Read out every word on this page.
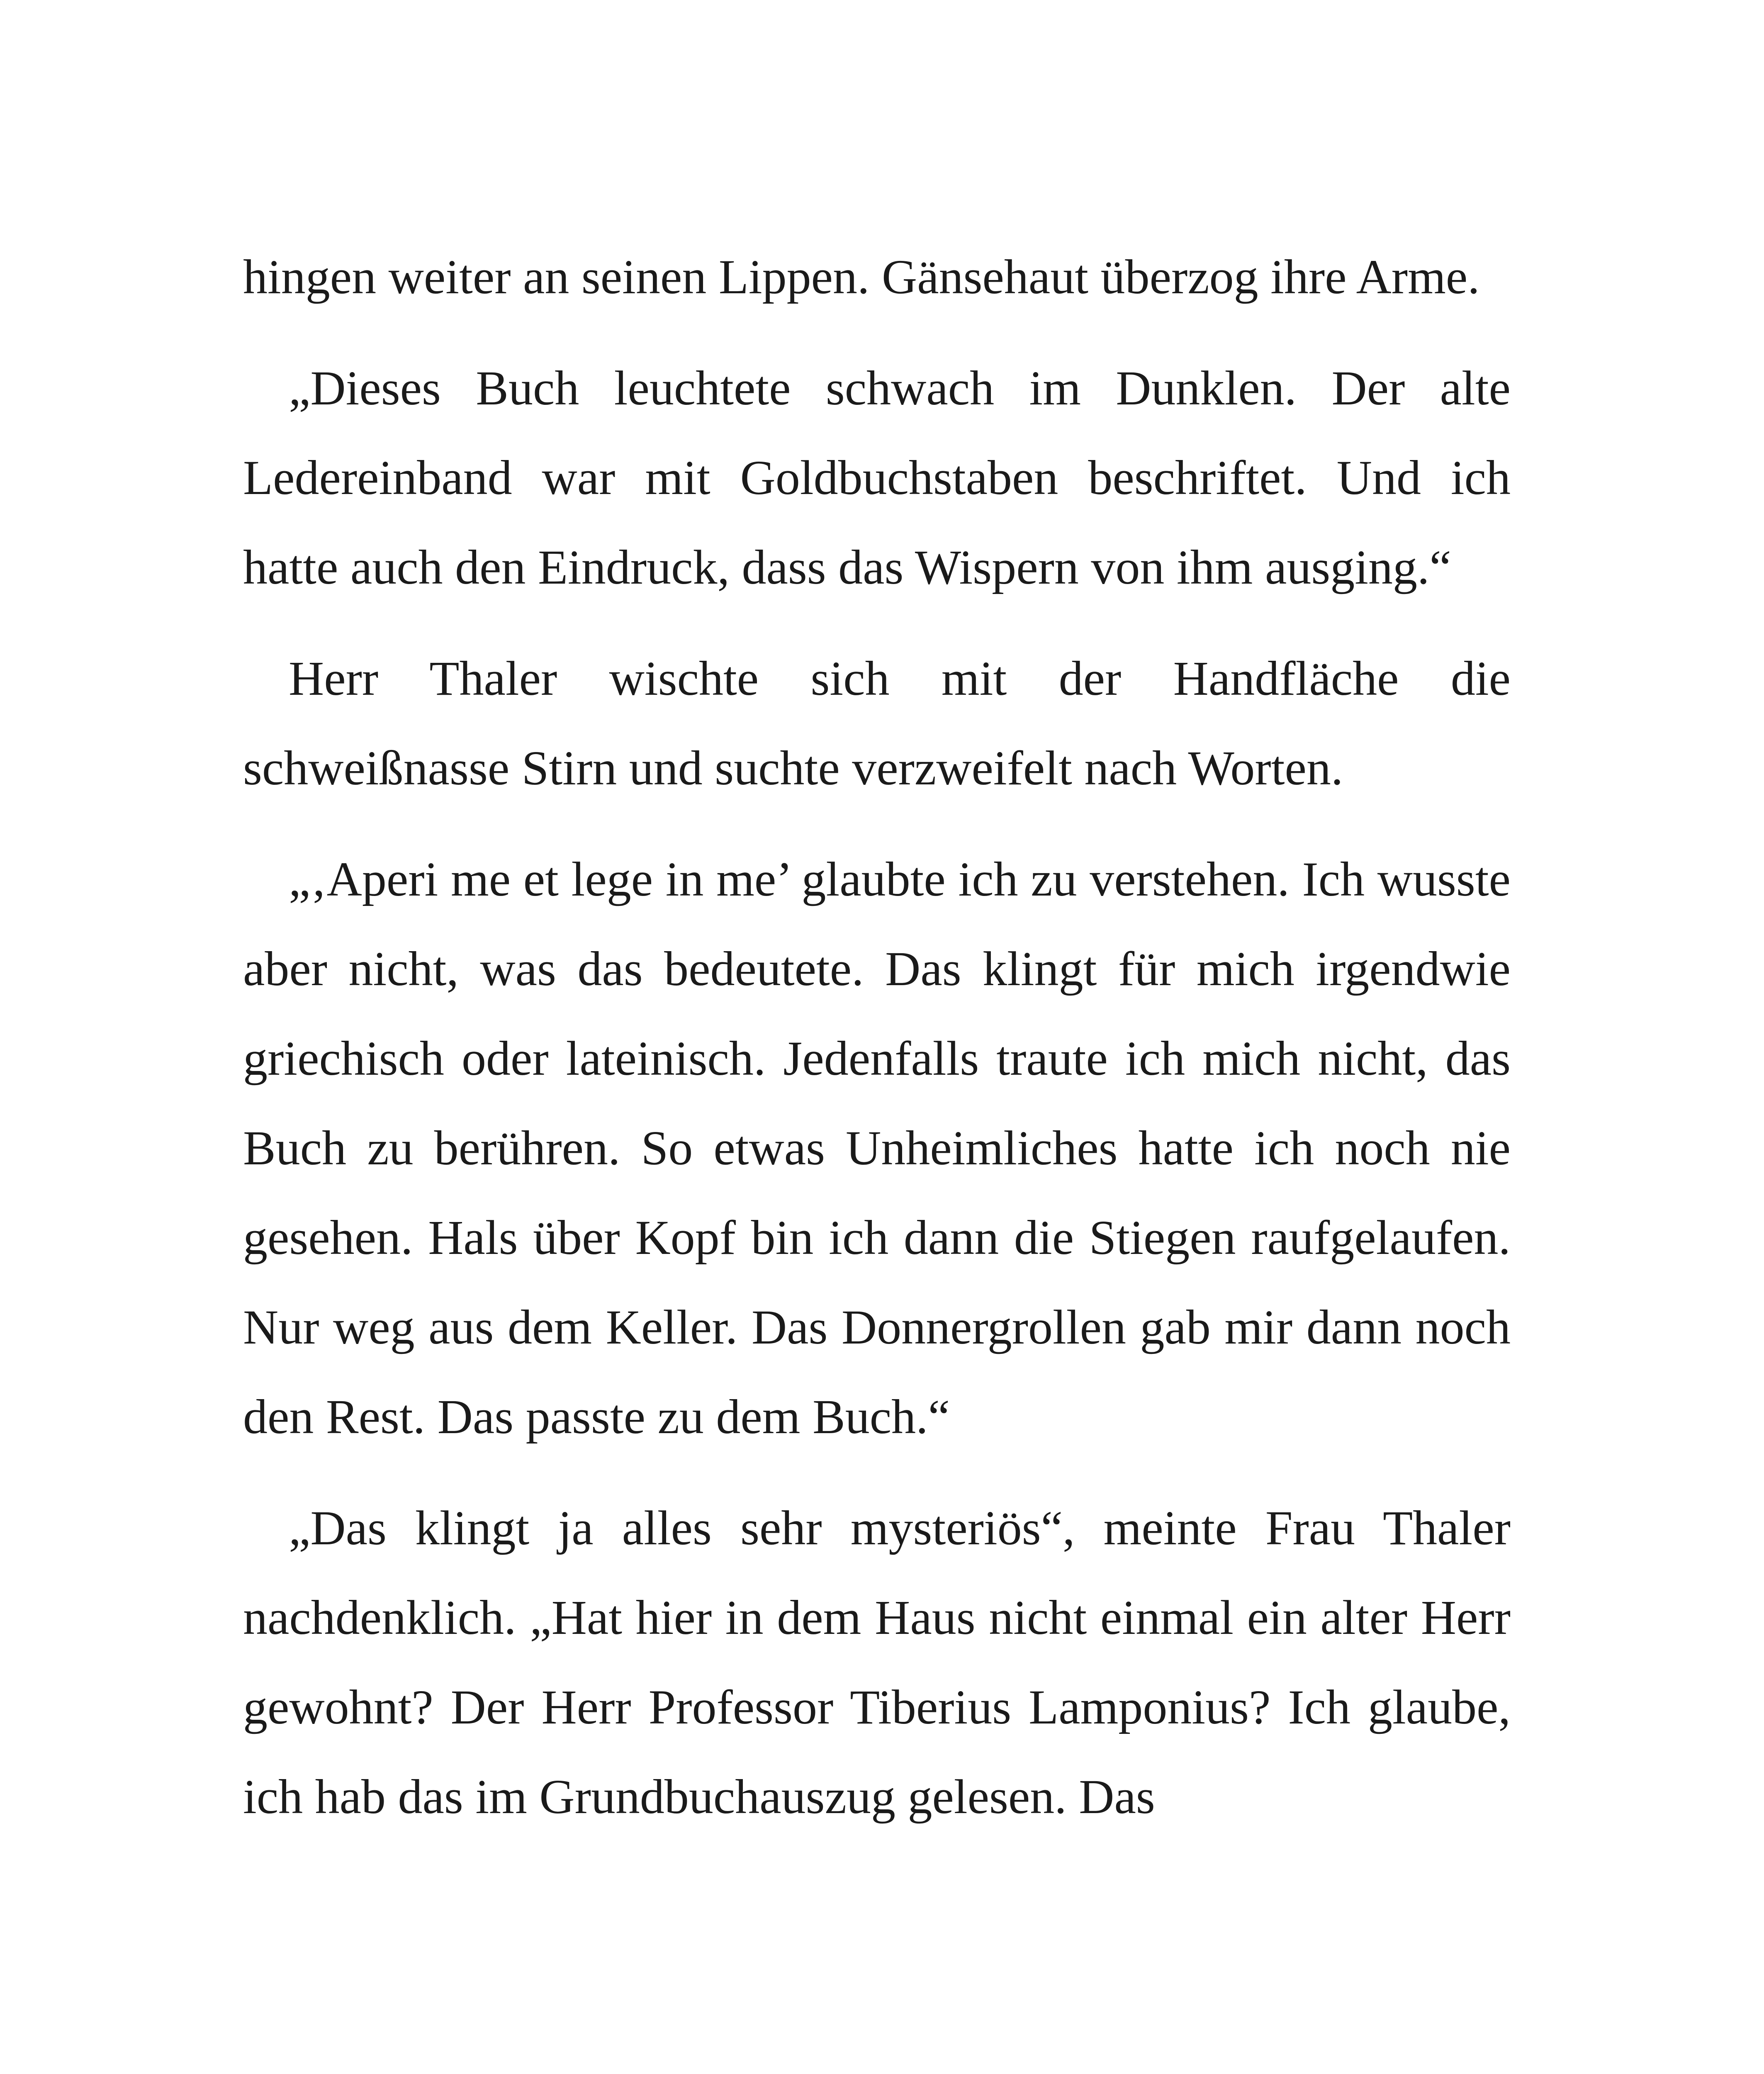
hingen weiter an seinen Lippen. Gänsehaut überzog ihre Arme.

„Dieses Buch leuchtete schwach im Dunklen. Der alte Ledereinband war mit Goldbuchstaben beschriftet. Und ich hatte auch den Eindruck, dass das Wispern von ihm ausging.“

Herr Thaler wischte sich mit der Handfläche die schweißnasse Stirn und suchte verzweifelt nach Worten.

„‚Aperi me et lege in me’ glaubte ich zu verstehen. Ich wusste aber nicht, was das bedeutete. Das klingt für mich irgendwie griechisch oder lateinisch. Jedenfalls traute ich mich nicht, das Buch zu berühren. So etwas Unheimliches hatte ich noch nie gesehen. Hals über Kopf bin ich dann die Stiegen raufgelaufen. Nur weg aus dem Keller. Das Donnergrollen gab mir dann noch den Rest. Das passte zu dem Buch.“

„Das klingt ja alles sehr mysteriös“, meinte Frau Thaler nachdenklich. „Hat hier in dem Haus nicht einmal ein alter Herr gewohnt? Der Herr Professor Tiberius Lamponius? Ich glaube, ich hab das im Grundbuchauszug gelesen. Das
